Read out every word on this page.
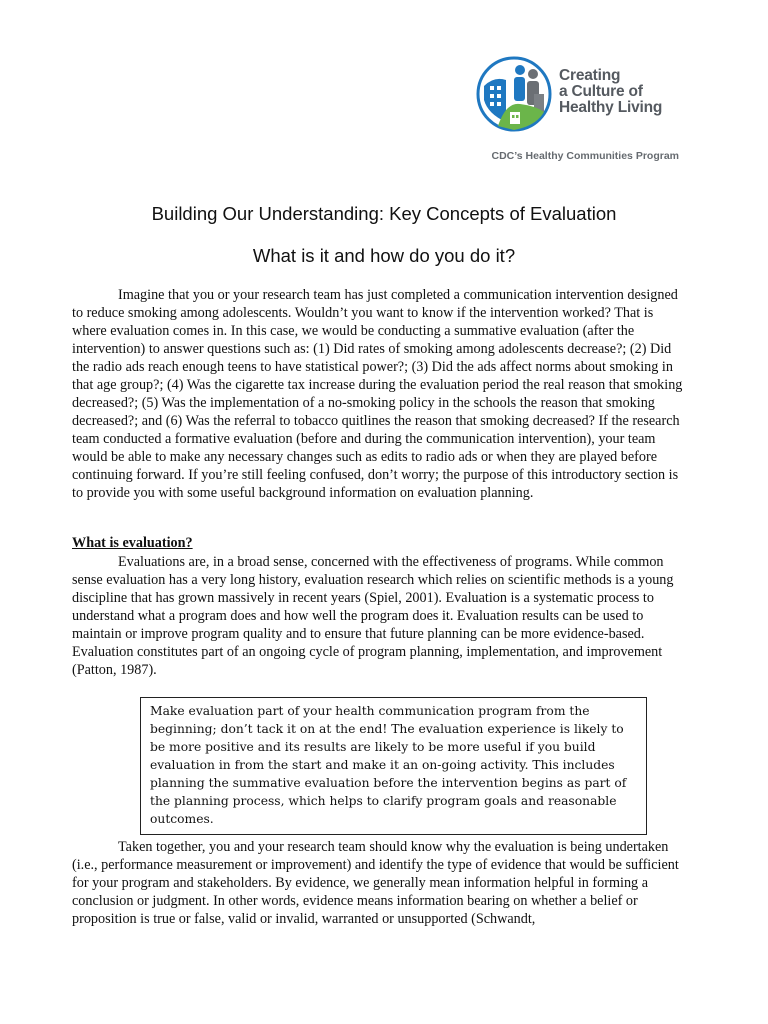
Creating
a Culture of
Healthy Living
CDC’s Healthy Communities Program
Building Our Understanding: Key Concepts of Evaluation
What is it and how do you do it?

Imagine that you or your research team has just completed a communication intervention designed to reduce smoking among adolescents. Wouldn’t you want to know if the intervention worked? That is where evaluation comes in. In this case, we would be conducting a summative evaluation (after the intervention) to answer questions such as: (1) Did rates of smoking among adolescents decrease?; (2) Did the radio ads reach enough teens to have statistical power?; (3) Did the ads affect norms about smoking in that age group?; (4) Was the cigarette tax increase during the evaluation period the real reason that smoking decreased?; (5) Was the implementation of a no-smoking policy in the schools the reason that smoking decreased?; and (6) Was the referral to tobacco quitlines the reason that smoking decreased? If the research team conducted a formative evaluation (before and during the communication intervention), your team would be able to make any necessary changes such as edits to radio ads or when they are played before continuing forward. If you’re still feeling confused, don’t worry; the purpose of this introductory section is to provide you with some useful background information on evaluation planning.

What is evaluation?

Evaluations are, in a broad sense, concerned with the effectiveness of programs. While common sense evaluation has a very long history, evaluation research which relies on scientific methods is a young discipline that has grown massively in recent years (Spiel, 2001). Evaluation is a systematic process to understand what a program does and how well the program does it. Evaluation results can be used to maintain or improve program quality and to ensure that future planning can be more evidence-based. Evaluation constitutes part of an ongoing cycle of program planning, implementation, and improvement (Patton, 1987).

Make evaluation part of your health communication program from the beginning; don’t tack it on at the end! The evaluation experience is likely to be more positive and its results are likely to be more useful if you build evaluation in from the start and make it an on-going activity. This includes planning the summative evaluation before the intervention begins as part of the planning process, which helps to clarify program goals and reasonable outcomes.

Taken together, you and your research team should know why the evaluation is being undertaken (i.e., performance measurement or improvement) and identify the type of evidence that would be sufficient for your program and stakeholders. By evidence, we generally mean information helpful in forming a conclusion or judgment. In other words, evidence means information bearing on whether a belief or proposition is true or false, valid or invalid, warranted or unsupported (Schwandt,
